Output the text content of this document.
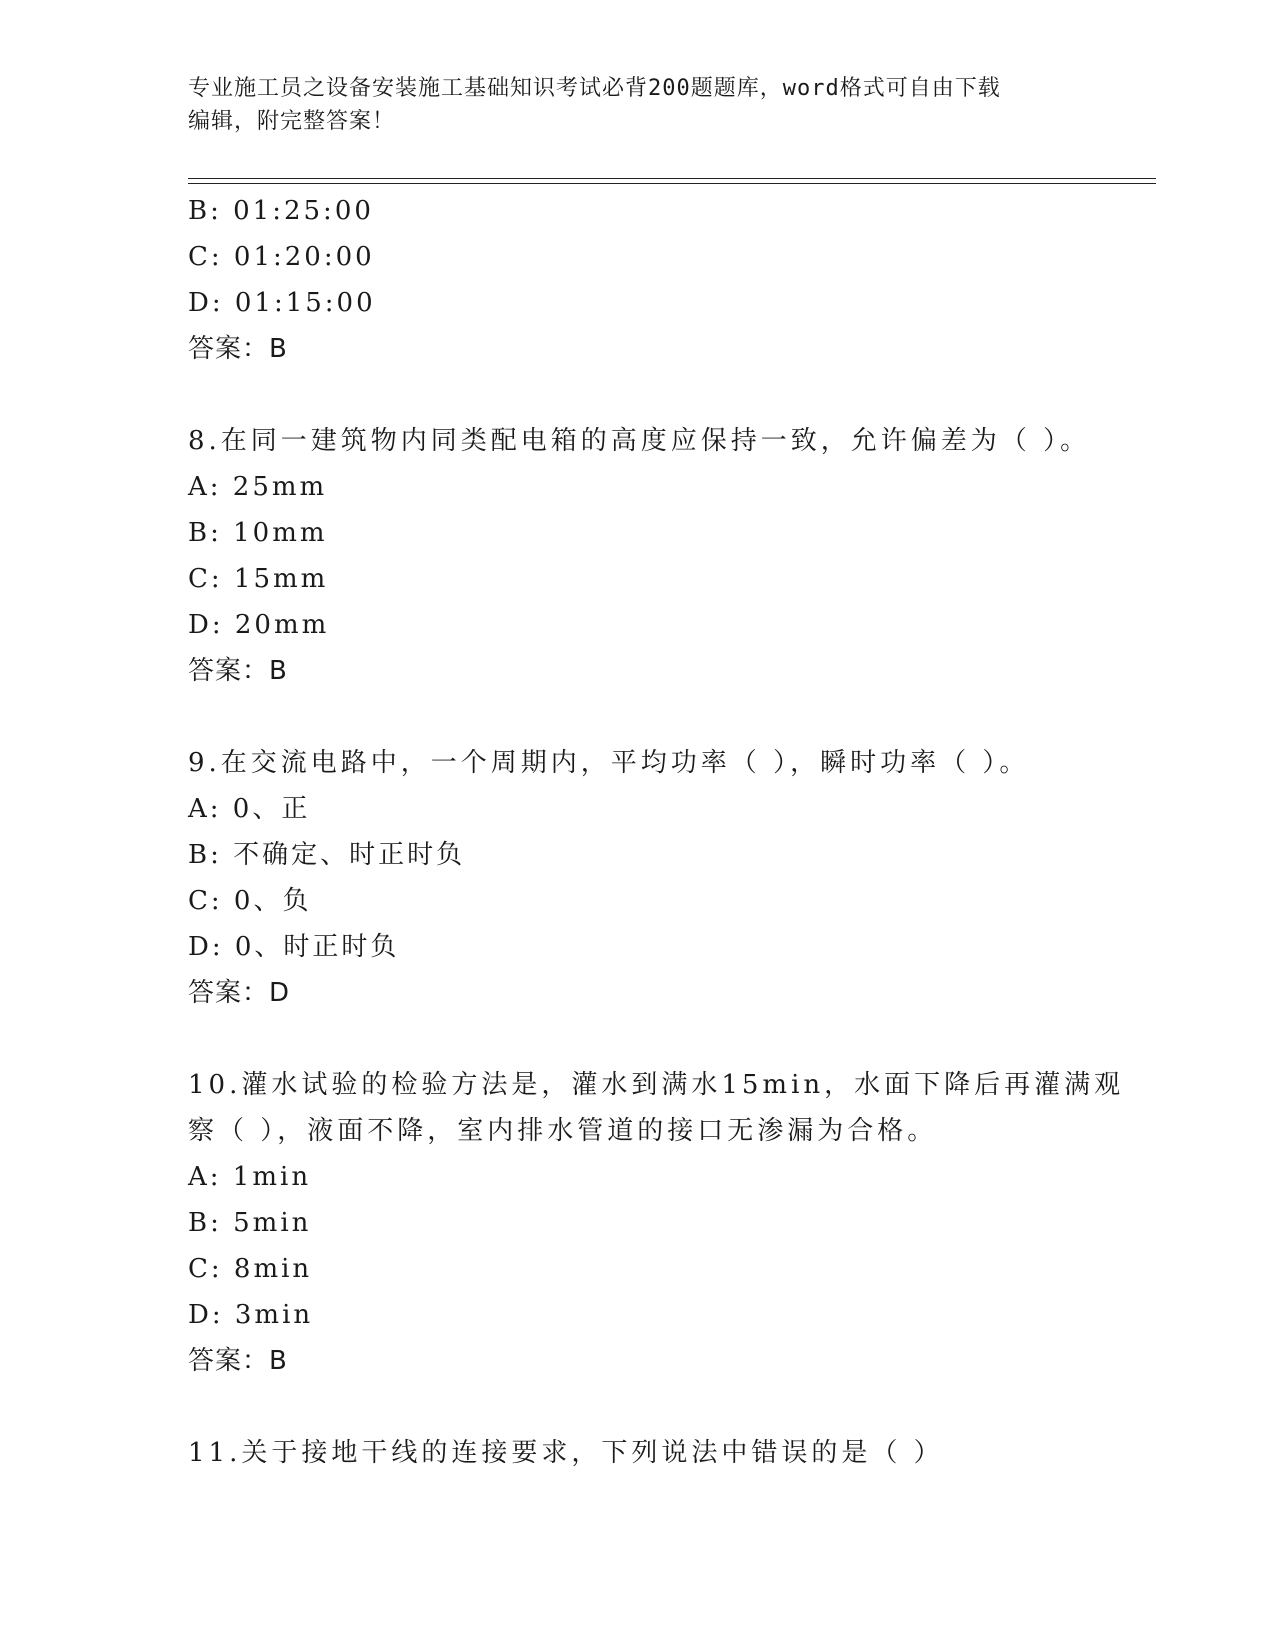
专业施工员之设备安装施工基础知识考试必背200题题库，word格式可自由下载
编辑，附完整答案！
B: 01:25:00
C: 01:20:00
D: 01:15:00
答案：B
8.在同一建筑物内同类配电箱的高度应保持一致，允许偏差为（ ）。
A: 25mm
B: 10mm
C: 15mm
D: 20mm
答案：B
9.在交流电路中，一个周期内，平均功率（ ），瞬时功率（ ）。
A: 0、正
B: 不确定、时正时负
C: 0、负
D: 0、时正时负
答案：D
10.灌水试验的检验方法是，灌水到满水15min，水面下降后再灌满观
察（ ），液面不降，室内排水管道的接口无渗漏为合格。
A: 1min
B: 5min
C: 8min
D: 3min
答案：B
11.关于接地干线的连接要求，下列说法中错误的是（ ）
